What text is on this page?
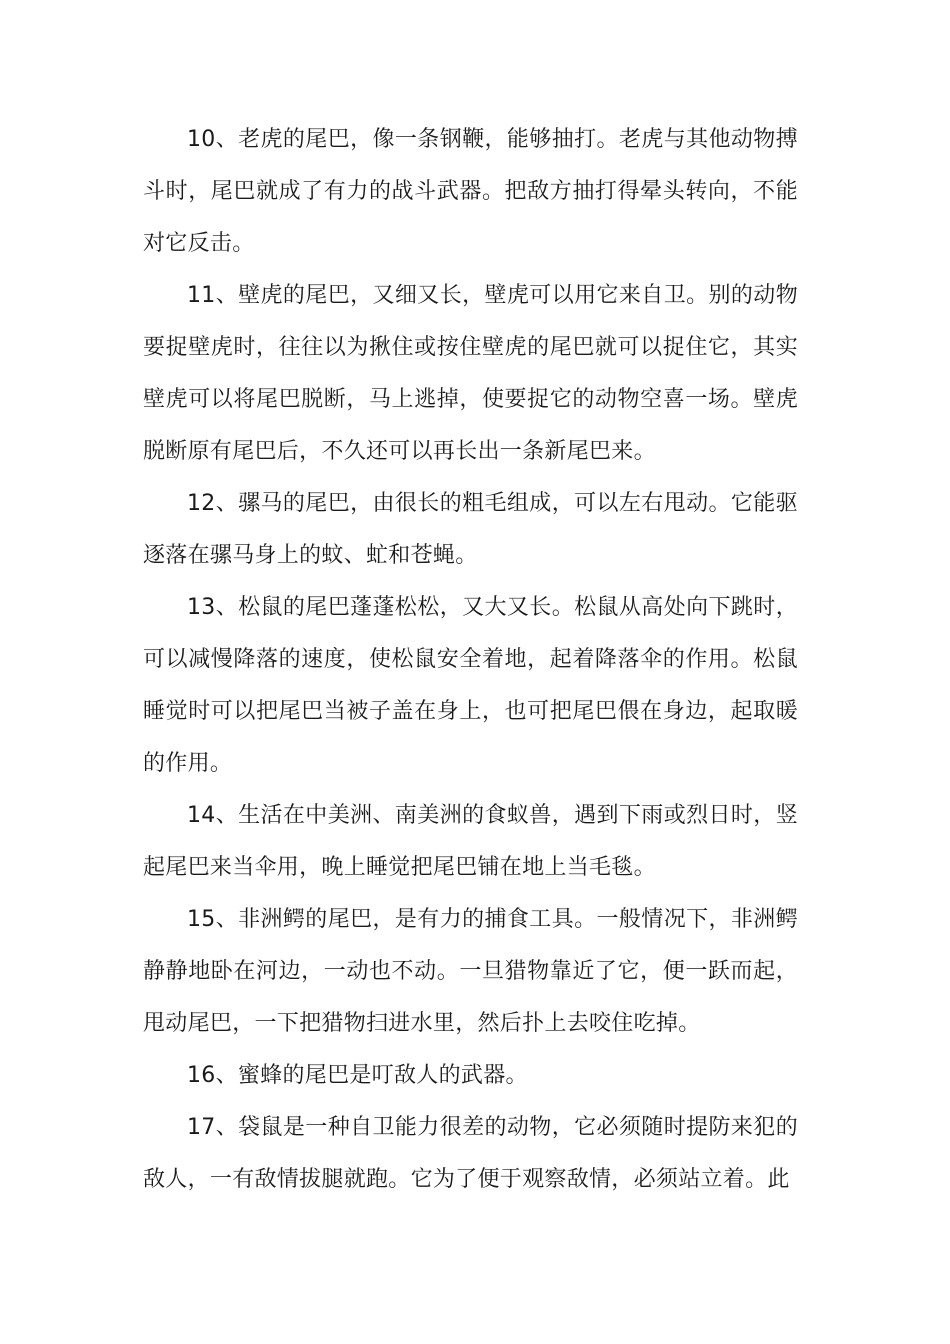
10、老虎的尾巴，像一条钢鞭，能够抽打。老虎与其他动物搏斗时，尾巴就成了有力的战斗武器。把敌方抽打得晕头转向，不能对它反击。

11、壁虎的尾巴，又细又长，壁虎可以用它来自卫。别的动物要捉壁虎时，往往以为揪住或按住壁虎的尾巴就可以捉住它，其实壁虎可以将尾巴脱断，马上逃掉，使要捉它的动物空喜一场。壁虎脱断原有尾巴后，不久还可以再长出一条新尾巴来。

12、骡马的尾巴，由很长的粗毛组成，可以左右甩动。它能驱逐落在骡马身上的蚊、虻和苍蝇。

13、松鼠的尾巴蓬蓬松松，又大又长。松鼠从高处向下跳时，可以减慢降落的速度，使松鼠安全着地，起着降落伞的作用。松鼠睡觉时可以把尾巴当被子盖在身上，也可把尾巴偎在身边，起取暖的作用。

14、生活在中美洲、南美洲的食蚁兽，遇到下雨或烈日时，竖起尾巴来当伞用，晚上睡觉把尾巴铺在地上当毛毯。

15、非洲鳄的尾巴，是有力的捕食工具。一般情况下，非洲鳄静静地卧在河边，一动也不动。一旦猎物靠近了它，便一跃而起，甩动尾巴，一下把猎物扫进水里，然后扑上去咬住吃掉。

16、蜜蜂的尾巴是叮敌人的武器。

17、袋鼠是一种自卫能力很差的动物，它必须随时提防来犯的敌人，一有敌情拔腿就跑。它为了便于观察敌情，必须站立着。此
